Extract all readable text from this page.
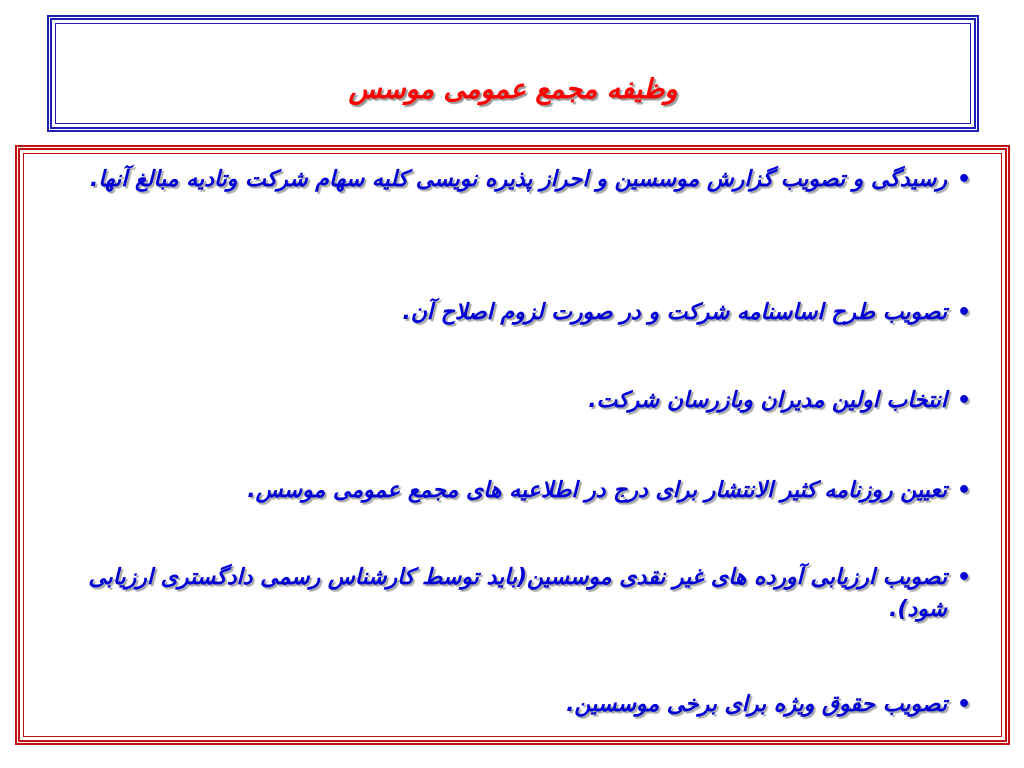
وظیفه مجمع عمومی موسس
•
رسیدگی و تصویب گزارش موسسین و احراز پذیره نویسی کلیه سهام شرکت وتادیه مبالغ آنها.
•
تصویب طرح اساسنامه شرکت و در صورت لزوم اصلاح آن.
•
انتخاب اولین مدیران وبازرسان شرکت.
•
تعیین روزنامه کثیر الانتشار برای درج در اطلاعیه های مجمع عمومی موسس.
•
تصویب ارزیابی آورده های غیر نقدی موسسین(باید توسط کارشناس رسمی دادگستری ارزیابی شود).
•
تصویب حقوق ویژه برای برخی موسسین.
